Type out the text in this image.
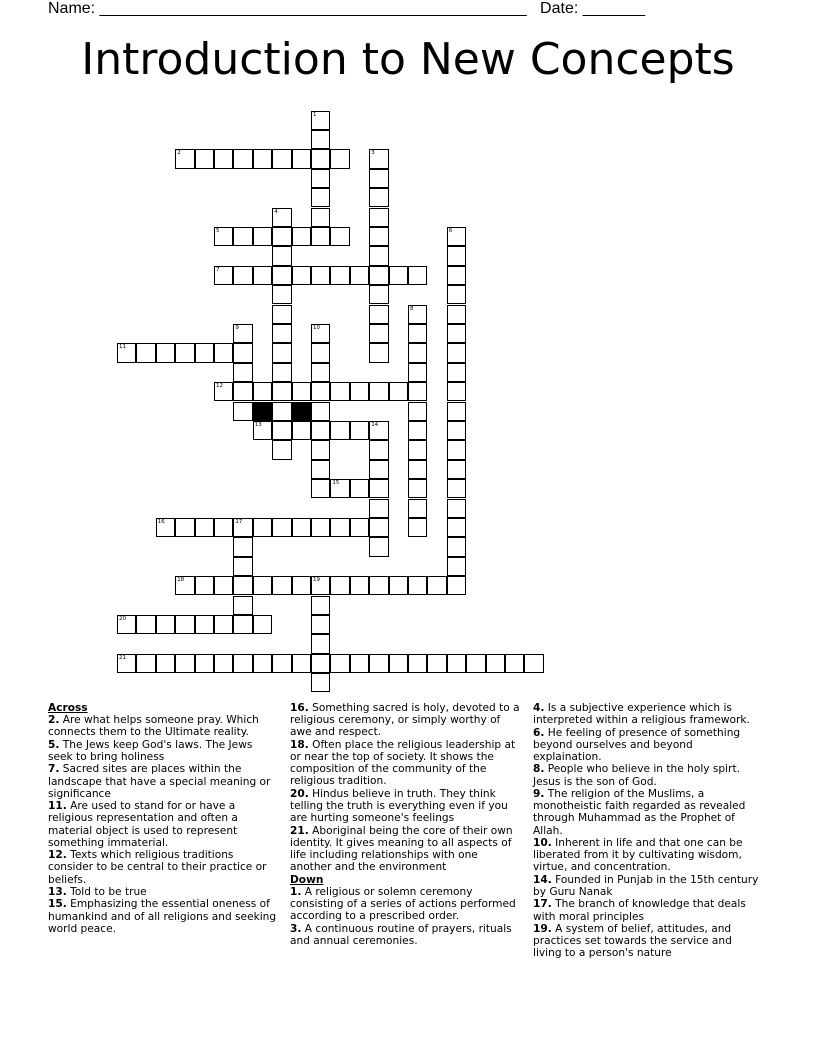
Name: ________________________________________________ Date: _______
Introduction to New Concepts
2
5
7
11
12
13	14
15
16	17
18	19
20
21
1
3
4
6
8
9	10
Across
2. Are what helps someone pray. Which connects them to the Ultimate reality.
5. The Jews keep God's laws. The Jews seek to bring holiness
7. Sacred sites are places within the landscape that have a special meaning or significance
11. Are used to stand for or have a religious representation and often a material object is used to represent something immaterial.
12. Texts which religious traditions consider to be central to their practice or beliefs.
13. Told to be true
15. Emphasizing the essential oneness of humankind and of all religions and seeking world peace.
16. Something sacred is holy, devoted to a religious ceremony, or simply worthy of awe and respect.
18. Often place the religious leadership at or near the top of society. It shows the composition of the community of the religious tradition.
20. Hindus believe in truth. They think telling the truth is everything even if you are hurting someone's feelings
21. Aboriginal being the core of their own identity. It gives meaning to all aspects of life including relationships with one another and the environment
Down
1. A religious or solemn ceremony consisting of a series of actions performed according to a prescribed order.
3. A continuous routine of prayers, rituals and annual ceremonies.
4. Is a subjective experience which is interpreted within a religious framework.
6. He feeling of presence of something beyond ourselves and beyond explaination.
8. People who believe in the holy spirt. Jesus is the son of God.
9. The religion of the Muslims, a monotheistic faith regarded as revealed through Muhammad as the Prophet of Allah.
10. Inherent in life and that one can be liberated from it by cultivating wisdom, virtue, and concentration.
14. Founded in Punjab in the 15th century by Guru Nanak
17. The branch of knowledge that deals with moral principles
19. A system of belief, attitudes, and practices set towards the service and living to a person's nature
